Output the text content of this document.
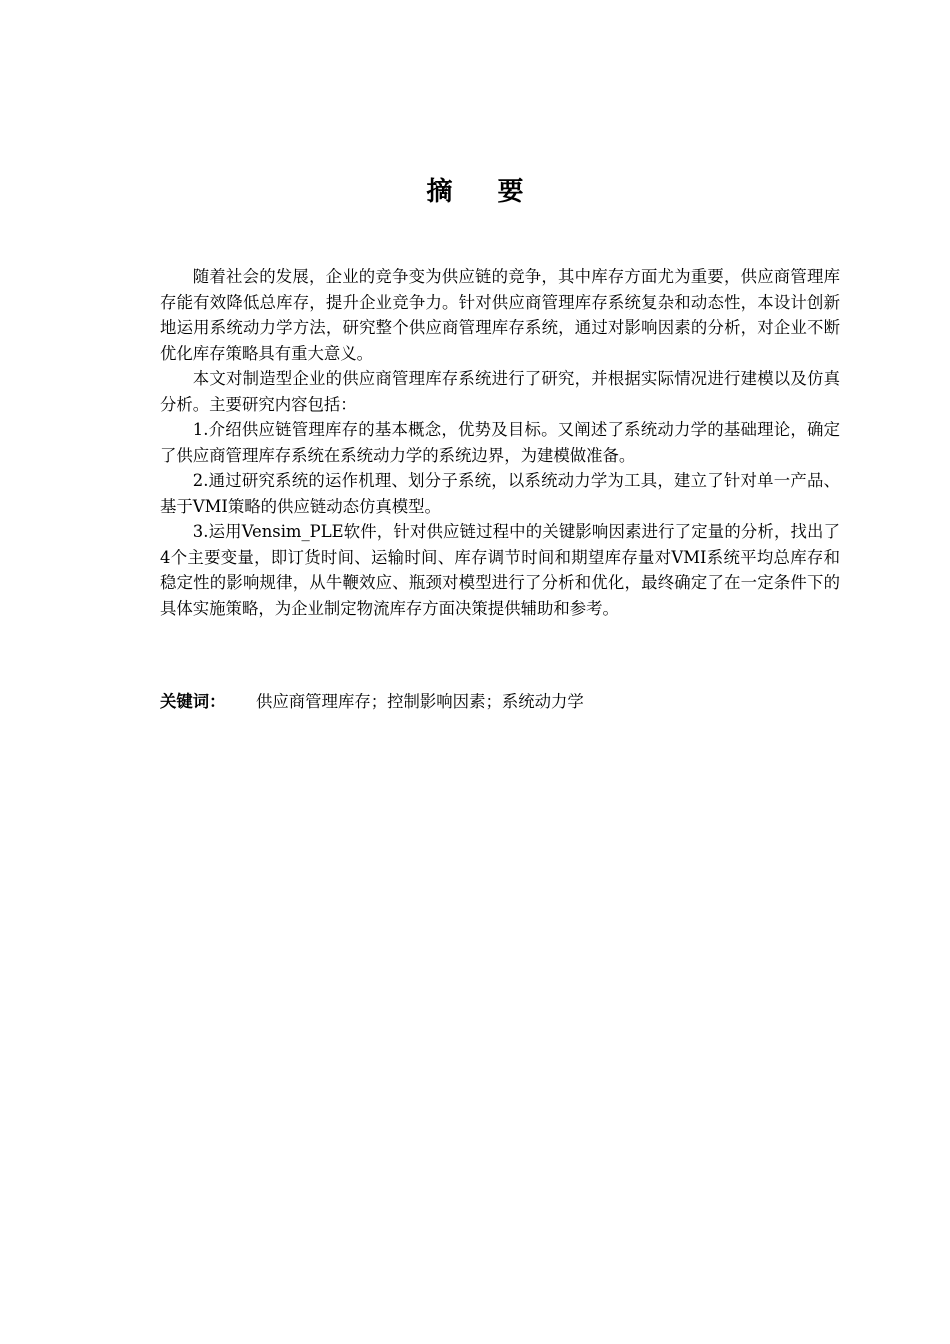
摘 要

随着社会的发展，企业的竞争变为供应链的竞争，其中库存方面尤为重要，供应商管理库存能有效降低总库存，提升企业竞争力。针对供应商管理库存系统复杂和动态性，本设计创新地运用系统动力学方法，研究整个供应商管理库存系统，通过对影响因素的分析，对企业不断优化库存策略具有重大意义。

本文对制造型企业的供应商管理库存系统进行了研究，并根据实际情况进行建模以及仿真分析。主要研究内容包括：

1.介绍供应链管理库存的基本概念，优势及目标。又阐述了系统动力学的基础理论，确定了供应商管理库存系统在系统动力学的系统边界，为建模做准备。

2.通过研究系统的运作机理、划分子系统，以系统动力学为工具，建立了针对单一产品、基于VMI策略的供应链动态仿真模型。

3.运用Vensim_PLE软件，针对供应链过程中的关键影响因素进行了定量的分析，找出了4个主要变量，即订货时间、运输时间、库存调节时间和期望库存量对VMI系统平均总库存和稳定性的影响规律，从牛鞭效应、瓶颈对模型进行了分析和优化，最终确定了在一定条件下的具体实施策略，为企业制定物流库存方面决策提供辅助和参考。

关键词： 供应商管理库存；控制影响因素；系统动力学
